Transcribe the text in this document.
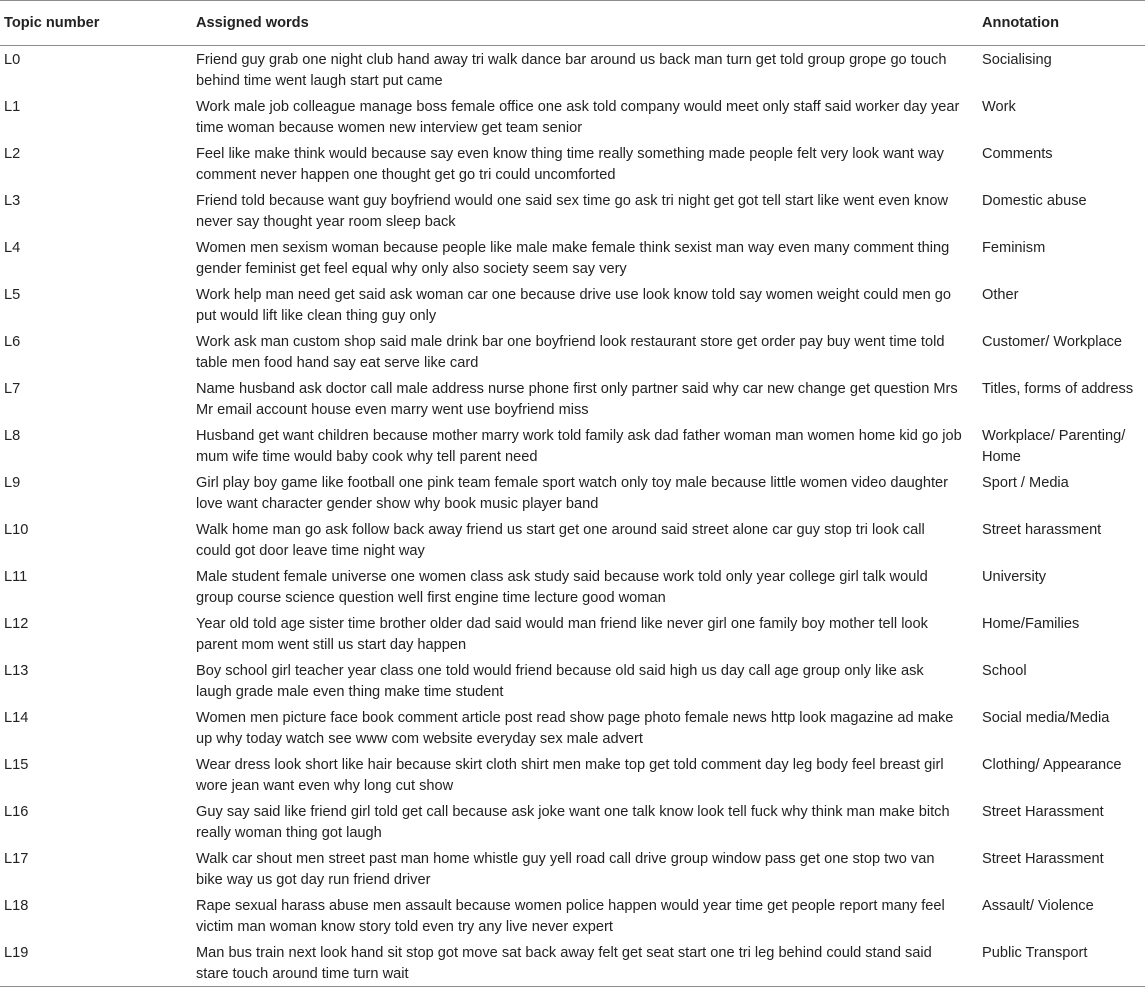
Topic number	Assigned words	Annotation
L0	Friend guy grab one night club hand away tri walk dance bar around us back man turn get told group grope go touch behind time went laugh start put came	Socialising
L1	Work male job colleague manage boss female office one ask told company would meet only staff said worker day year time woman because women new interview get team senior	Work
L2	Feel like make think would because say even know thing time really something made people felt very look want way comment never happen one thought get go tri could uncomforted	Comments
L3	Friend told because want guy boyfriend would one said sex time go ask tri night get got tell start like went even know never say thought year room sleep back	Domestic abuse
L4	Women men sexism woman because people like male make female think sexist man way even many comment thing gender feminist get feel equal why only also society seem say very	Feminism
L5	Work help man need get said ask woman car one because drive use look know told say women weight could men go put would lift like clean thing guy only	Other
L6	Work ask man custom shop said male drink bar one boyfriend look restaurant store get order pay buy went time told table men food hand say eat serve like card	Customer/ Workplace
L7	Name husband ask doctor call male address nurse phone first only partner said why car new change get question Mrs Mr email account house even marry went use boyfriend miss	Titles, forms of address
L8	Husband get want children because mother marry work told family ask dad father woman man women home kid go job mum wife time would baby cook why tell parent need	Workplace/ Parenting/ Home
L9	Girl play boy game like football one pink team female sport watch only toy male because little women video daughter love want character gender show why book music player band	Sport / Media
L10	Walk home man go ask follow back away friend us start get one around said street alone car guy stop tri look call could got door leave time night way	Street harassment
L11	Male student female universe one women class ask study said because work told only year college girl talk would group course science question well first engine time lecture good woman	University
L12	Year old told age sister time brother older dad said would man friend like never girl one family boy mother tell look parent mom went still us start day happen	Home/Families
L13	Boy school girl teacher year class one told would friend because old said high us day call age group only like ask laugh grade male even thing make time student	School
L14	Women men picture face book comment article post read show page photo female news http look magazine ad make up why today watch see www com website everyday sex male advert	Social media/Media
L15	Wear dress look short like hair because skirt cloth shirt men make top get told comment day leg body feel breast girl wore jean want even why long cut show	Clothing/ Appearance
L16	Guy say said like friend girl told get call because ask joke want one talk know look tell fuck why think man make bitch really woman thing got laugh	Street Harassment
L17	Walk car shout men street past man home whistle guy yell road call drive group window pass get one stop two van bike way us got day run friend driver	Street Harassment
L18	Rape sexual harass abuse men assault because women police happen would year time get people report many feel victim man woman know story told even try any live never expert	Assault/ Violence
L19	Man bus train next look hand sit stop got move sat back away felt get seat start one tri leg behind could stand said stare touch around time turn wait	Public Transport
